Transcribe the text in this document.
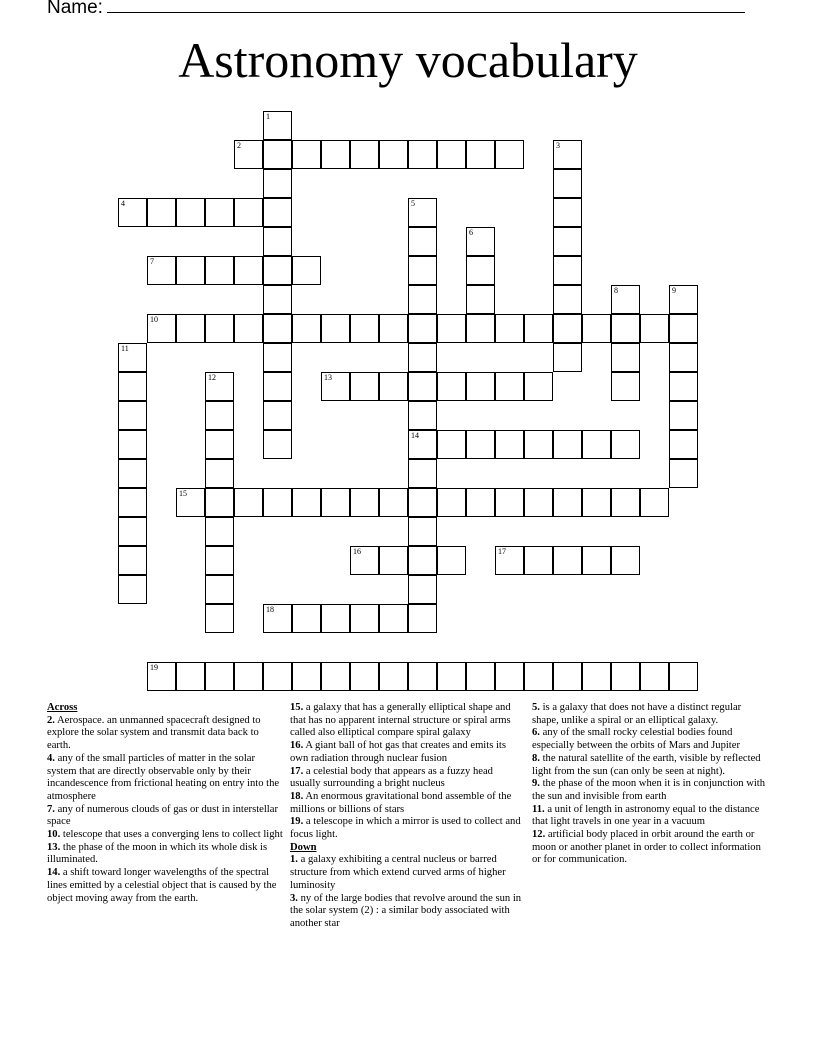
Name:
Astronomy vocabulary
2
4
7
10
13
14
15
16	17
18
19
1
3
5
6
8	9
11
12

Across

2. Aerospace. an unmanned spacecraft designed to explore the solar system and transmit data back to earth.

4. any of the small particles of matter in the solar system that are directly observable only by their incandescence from frictional heating on entry into the atmosphere

7. any of numerous clouds of gas or dust in interstellar space

10. telescope that uses a converging lens to collect light

13. the phase of the moon in which its whole disk is illuminated.

14. a shift toward longer wavelengths of the spectral lines emitted by a celestial object that is caused by the object moving away from the earth.

15. a galaxy that has a generally elliptical shape and that has no apparent internal structure or spiral arms called also elliptical compare spiral galaxy

16. A giant ball of hot gas that creates and emits its own radiation through nuclear fusion

17. a celestial body that appears as a fuzzy head usually surrounding a bright nucleus

18. An enormous gravitational bond assemble of the millions or billions of stars

19. a telescope in which a mirror is used to collect and focus light.

Down

1. a galaxy exhibiting a central nucleus or barred structure from which extend curved arms of higher luminosity

3. ny of the large bodies that revolve around the sun in the solar system (2) : a similar body associated with another star

5. is a galaxy that does not have a distinct regular shape, unlike a spiral or an elliptical galaxy.

6. any of the small rocky celestial bodies found especially between the orbits of Mars and Jupiter

8. the natural satellite of the earth, visible by reflected light from the sun (can only be seen at night).

9. the phase of the moon when it is in conjunction with the sun and invisible from earth

11. a unit of length in astronomy equal to the distance that light travels in one year in a vacuum

12. artificial body placed in orbit around the earth or moon or another planet in order to collect information or for communication.
